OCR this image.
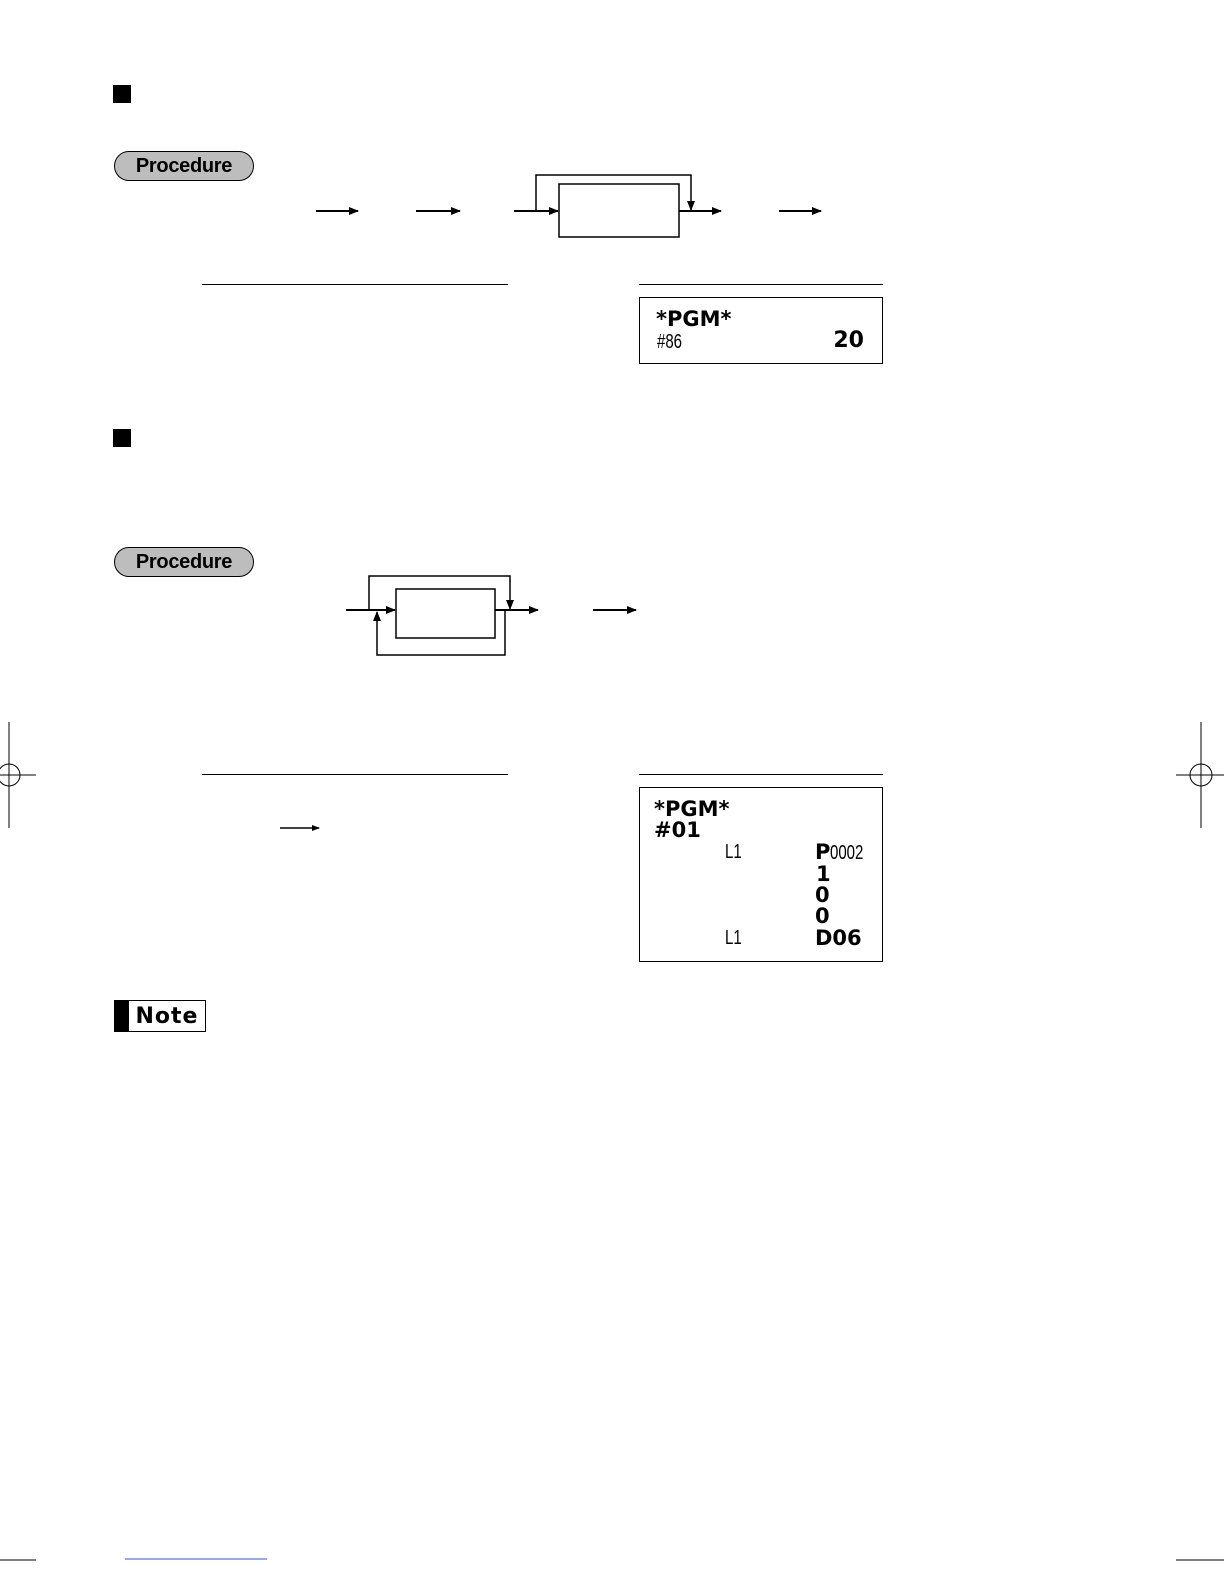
Procedure
*PGM*
#86	20
Procedure
*PGM*
#01
L1	P0002
1
0
0
L1	D06
Note
